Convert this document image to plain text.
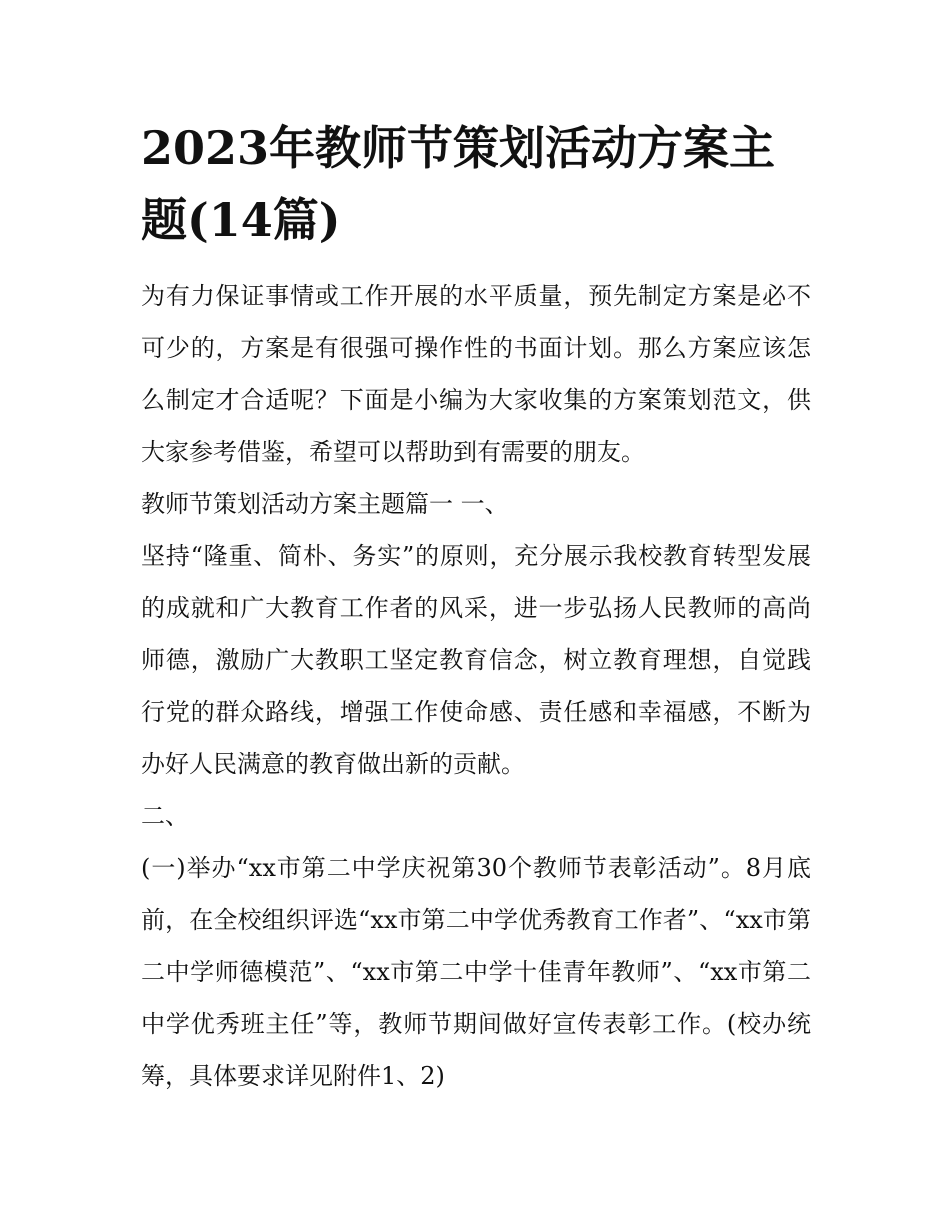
2023年教师节策划活动方案主题(14篇)

为有力保证事情或工作开展的水平质量，预先制定方案是必不可少的，方案是有很强可操作性的书面计划。那么方案应该怎么制定才合适呢？下面是小编为大家收集的方案策划范文，供大家参考借鉴，希望可以帮助到有需要的朋友。

教师节策划活动方案主题篇一 一、

坚持“隆重、简朴、务实”的原则，充分展示我校教育转型发展的成就和广大教育工作者的风采，进一步弘扬人民教师的高尚师德，激励广大教职工坚定教育信念，树立教育理想，自觉践行党的群众路线，增强工作使命感、责任感和幸福感，不断为办好人民满意的教育做出新的贡献。

二、

(一)举办“xx市第二中学庆祝第30个教师节表彰活动”。8月底前，在全校组织评选“xx市第二中学优秀教育工作者”、“xx市第二中学师德模范”、“xx市第二中学十佳青年教师”、“xx市第二中学优秀班主任”等，教师节期间做好宣传表彰工作。(校办统筹，具体要求详见附件1、2)
